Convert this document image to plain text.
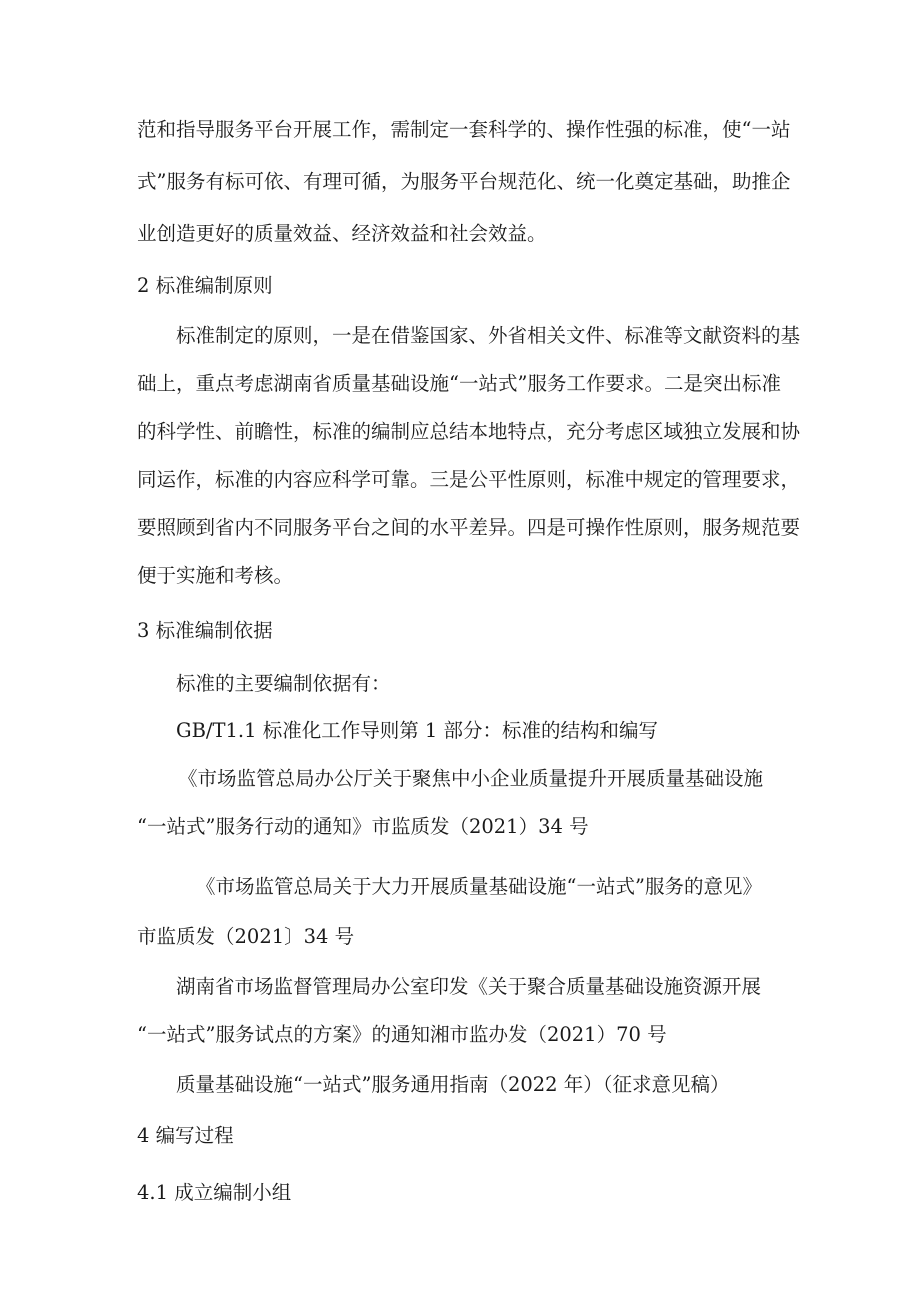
范和指导服务平台开展工作，需制定一套科学的、操作性强的标准，使“一站

式”服务有标可依、有理可循，为服务平台规范化、统一化奠定基础，助推企

业创造更好的质量效益、经济效益和社会效益。

2 标准编制原则

标准制定的原则，一是在借鉴国家、外省相关文件、标准等文献资料的基

础上，重点考虑湖南省质量基础设施“一站式”服务工作要求。二是突出标准

的科学性、前瞻性，标准的编制应总结本地特点，充分考虑区域独立发展和协

同运作，标准的内容应科学可靠。三是公平性原则，标准中规定的管理要求，

要照顾到省内不同服务平台之间的水平差异。四是可操作性原则，服务规范要

便于实施和考核。

3 标准编制依据

标准的主要编制依据有：

GB/T1.1 标准化工作导则第 1 部分：标准的结构和编写

《市场监管总局办公厅关于聚焦中小企业质量提升开展质量基础设施

“一站式”服务行动的通知》市监质发（2021）34 号

《市场监管总局关于大力开展质量基础设施“一站式”服务的意见》

市监质发（2021〕34 号

湖南省市场监督管理局办公室印发《关于聚合质量基础设施资源开展

“一站式”服务试点的方案》的通知湘市监办发（2021）70 号

质量基础设施“一站式”服务通用指南（2022 年）（征求意见稿）

4 编写过程

4.1 成立编制小组
